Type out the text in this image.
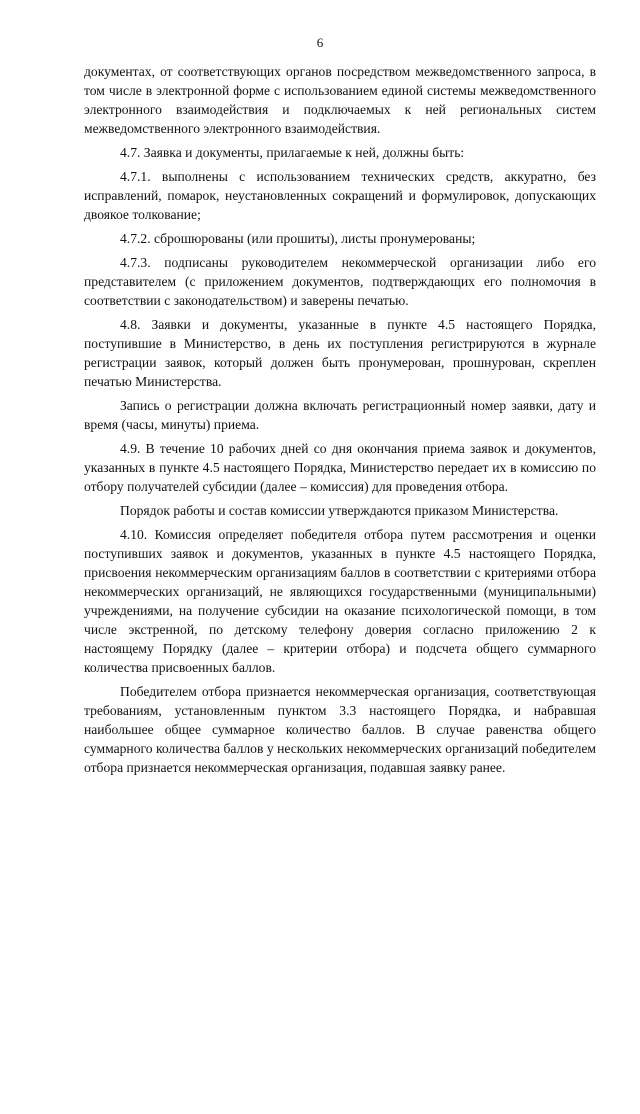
6

документах, от соответствующих органов посредством межведомственного запроса, в том числе в электронной форме с использованием единой системы межведомственного электронного взаимодействия и подключаемых к ней региональных систем межведомственного электронного взаимодействия.

4.7. Заявка и документы, прилагаемые к ней, должны быть:

4.7.1. выполнены с использованием технических средств, аккуратно, без исправлений, помарок, неустановленных сокращений и формулировок, допускающих двоякое толкование;

4.7.2. сброшюрованы (или прошиты), листы пронумерованы;

4.7.3. подписаны руководителем некоммерческой организации либо его представителем (с приложением документов, подтверждающих его полномочия в соответствии с законодательством) и заверены печатью.

4.8. Заявки и документы, указанные в пункте 4.5 настоящего Порядка, поступившие в Министерство, в день их поступления регистрируются в журнале регистрации заявок, который должен быть пронумерован, прошнурован, скреплен печатью Министерства.

Запись о регистрации должна включать регистрационный номер заявки, дату и время (часы, минуты) приема.

4.9. В течение 10 рабочих дней со дня окончания приема заявок и документов, указанных в пункте 4.5 настоящего Порядка, Министерство передает их в комиссию по отбору получателей субсидии (далее – комиссия) для проведения отбора.

Порядок работы и состав комиссии утверждаются приказом Министерства.

4.10. Комиссия определяет победителя отбора путем рассмотрения и оценки поступивших заявок и документов, указанных в пункте 4.5 настоящего Порядка, присвоения некоммерческим организациям баллов в соответствии с критериями отбора некоммерческих организаций, не являющихся государственными (муниципальными) учреждениями, на получение субсидии на оказание психологической помощи, в том числе экстренной, по детскому телефону доверия согласно приложению 2 к настоящему Порядку (далее – критерии отбора) и подсчета общего суммарного количества присвоенных баллов.

Победителем отбора признается некоммерческая организация, соответствующая требованиям, установленным пунктом 3.3 настоящего Порядка, и набравшая наибольшее общее суммарное количество баллов. В случае равенства общего суммарного количества баллов у нескольких некоммерческих организаций победителем отбора признается некоммерческая организация, подавшая заявку ранее.
